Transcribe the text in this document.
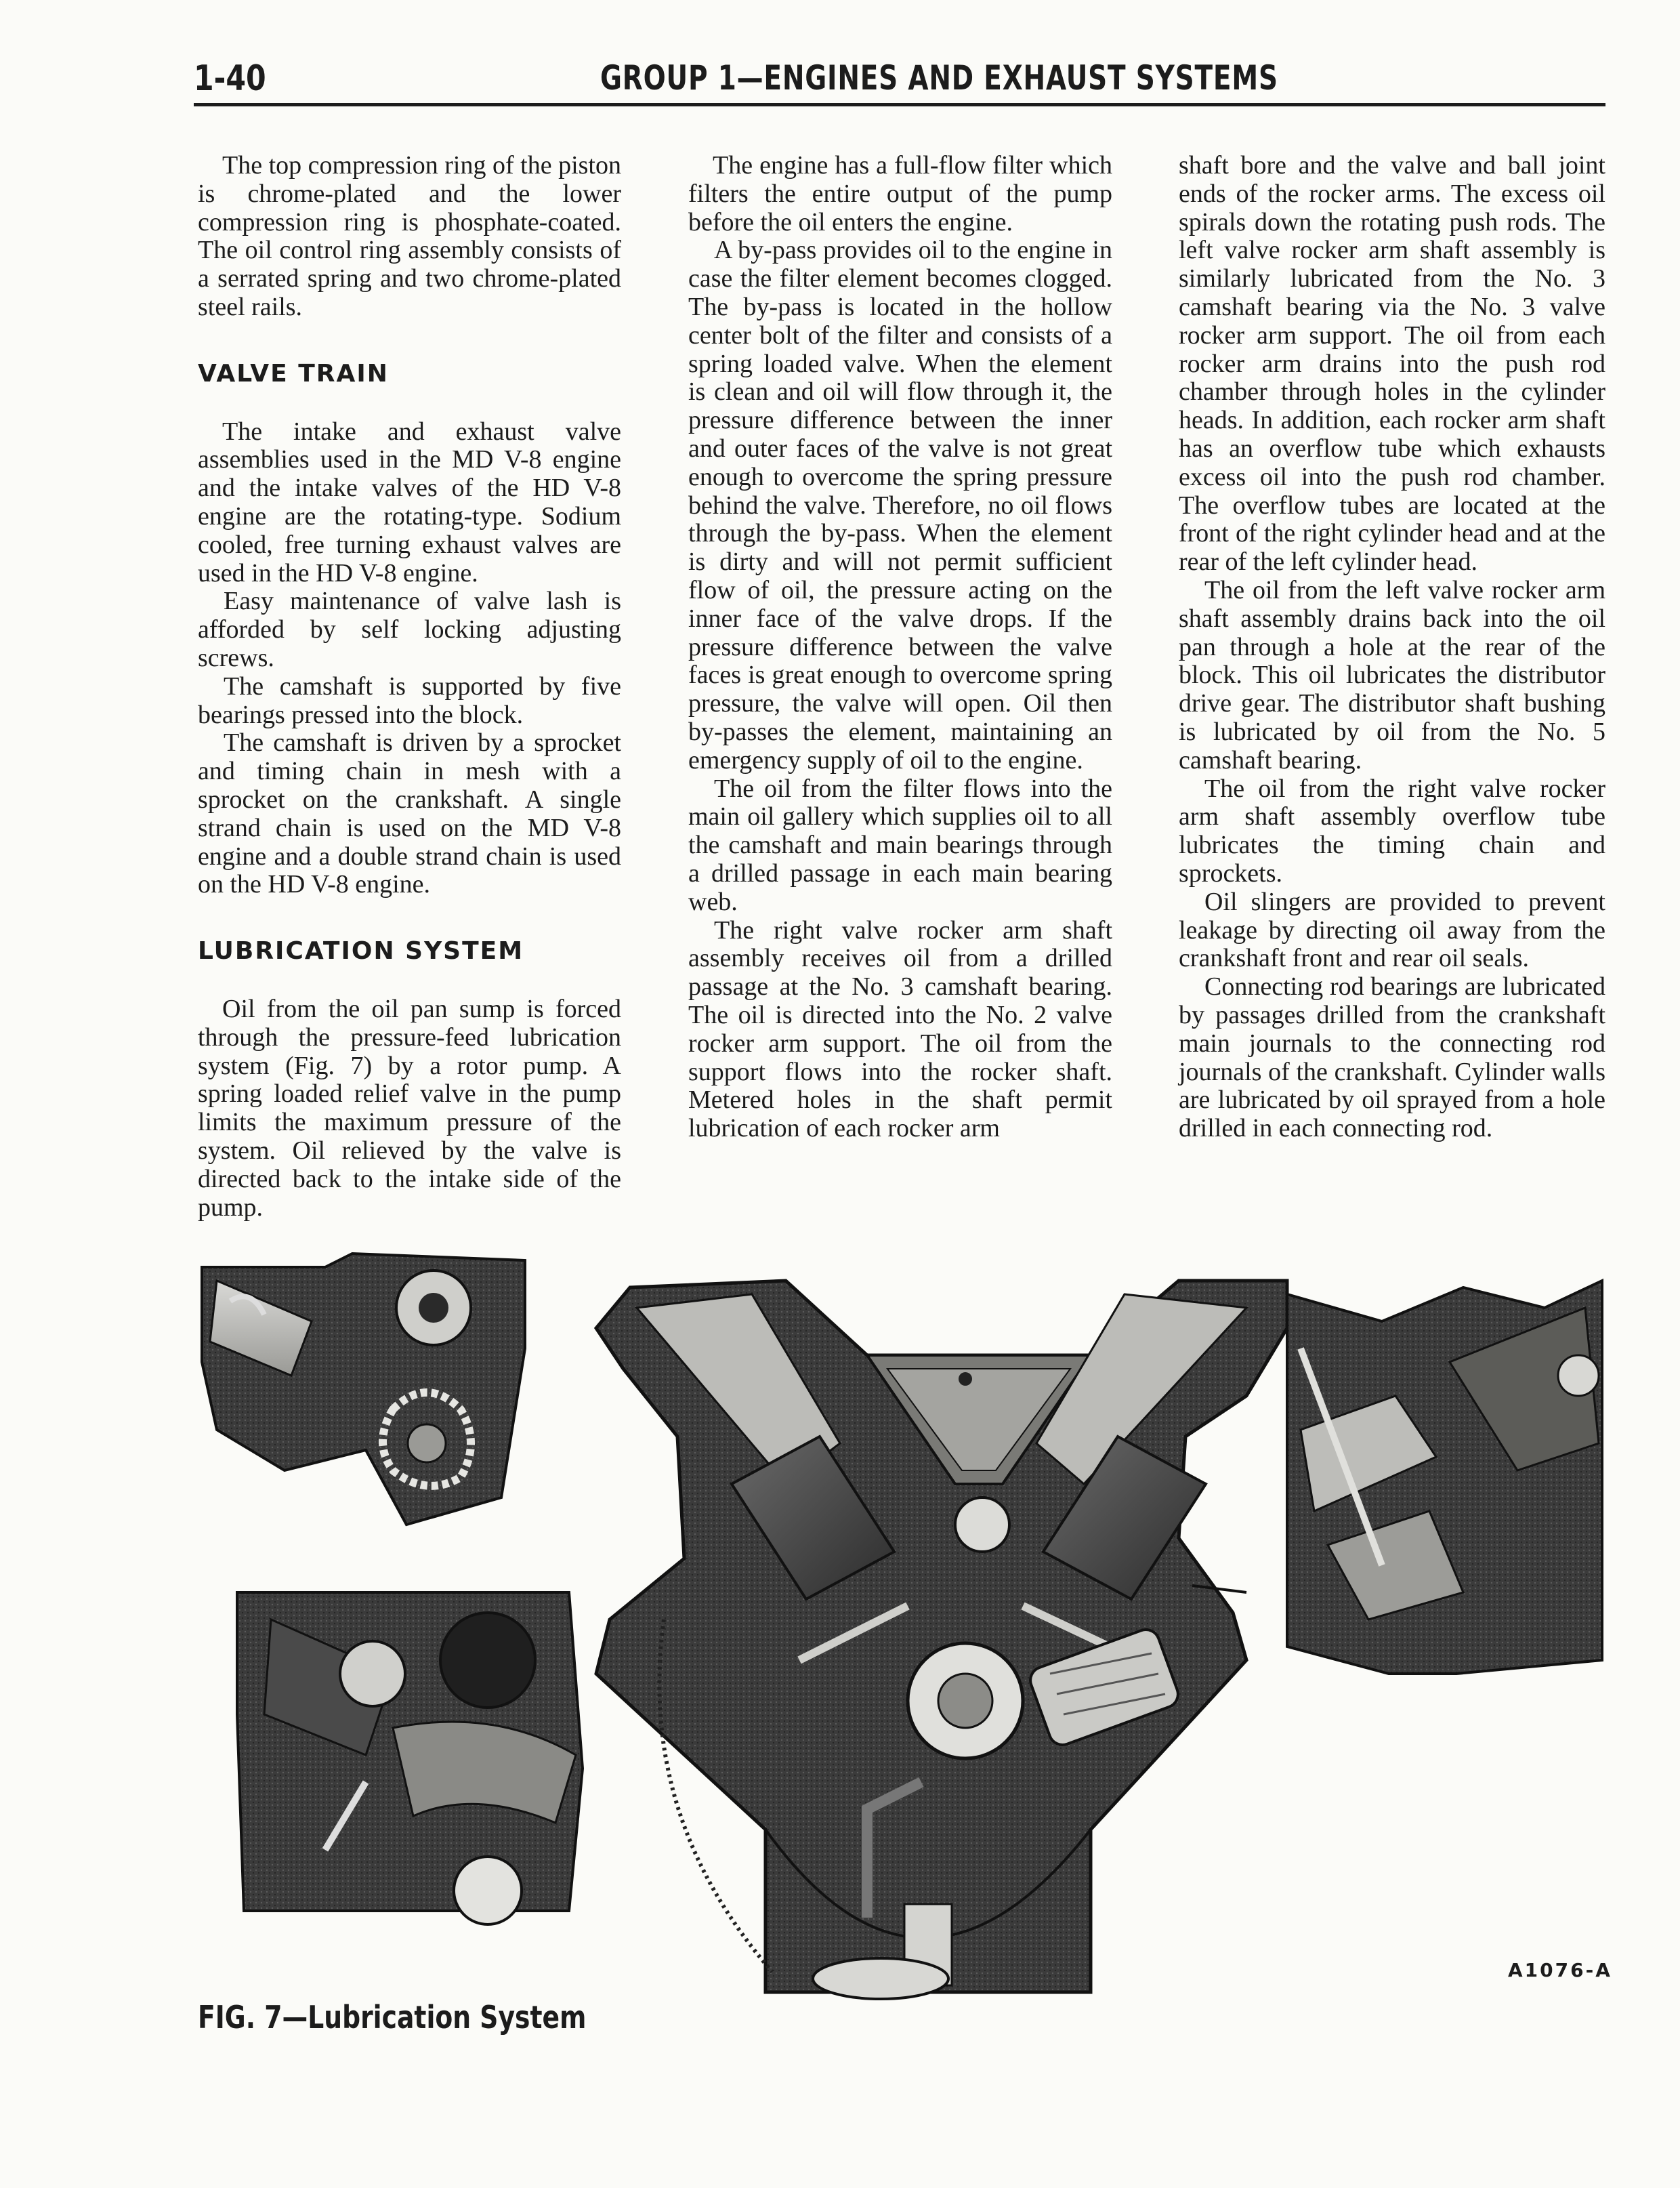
1-40	GROUP 1—ENGINES AND EXHAUST SYSTEMS

The top compression ring of the piston is chrome-plated and the lower compression ring is phosphate-coated. The oil control ring assembly consists of a serrated spring and two chrome-plated steel rails.

VALVE TRAIN

The intake and exhaust valve assemblies used in the MD V-8 engine and the intake valves of the HD V-8 engine are the rotating-type. Sodium cooled, free turning exhaust valves are used in the HD V-8 engine.

Easy maintenance of valve lash is afforded by self locking adjusting screws.

The camshaft is supported by five bearings pressed into the block.

The camshaft is driven by a sprocket and timing chain in mesh with a sprocket on the crankshaft. A single strand chain is used on the MD V-8 engine and a double strand chain is used on the HD V-8 engine.

LUBRICATION SYSTEM

Oil from the oil pan sump is forced through the pressure-feed lubrication system (Fig. 7) by a rotor pump. A spring loaded relief valve in the pump limits the maximum pressure of the system. Oil relieved by the valve is directed back to the intake side of the pump.

The engine has a full-flow filter which filters the entire output of the pump before the oil enters the engine.

A by-pass provides oil to the engine in case the filter element becomes clogged. The by-pass is located in the hollow center bolt of the filter and consists of a spring loaded valve. When the element is clean and oil will flow through it, the pressure difference between the inner and outer faces of the valve is not great enough to overcome the spring pressure behind the valve. Therefore, no oil flows through the by-pass. When the element is dirty and will not permit sufficient flow of oil, the pressure acting on the inner face of the valve drops. If the pressure difference between the valve faces is great enough to overcome spring pressure, the valve will open. Oil then by-passes the element, maintaining an emergency supply of oil to the engine.

The oil from the filter flows into the main oil gallery which supplies oil to all the camshaft and main bearings through a drilled passage in each main bearing web.

The right valve rocker arm shaft assembly receives oil from a drilled passage at the No. 3 camshaft bearing. The oil is directed into the No. 2 valve rocker arm support. The oil from the support flows into the rocker shaft. Metered holes in the shaft permit lubrication of each rocker arm

shaft bore and the valve and ball joint ends of the rocker arms. The excess oil spirals down the rotating push rods. The left valve rocker arm shaft assembly is similarly lubricated from the No. 3 camshaft bearing via the No. 3 valve rocker arm support. The oil from each rocker arm drains into the push rod chamber through holes in the cylinder heads. In addition, each rocker arm shaft has an overflow tube which exhausts excess oil into the push rod chamber. The overflow tubes are located at the front of the right cylinder head and at the rear of the left cylinder head.

The oil from the left valve rocker arm shaft assembly drains back into the oil pan through a hole at the rear of the block. This oil lubricates the distributor drive gear. The distributor shaft bushing is lubricated by oil from the No. 5 camshaft bearing.

The oil from the right valve rocker arm shaft assembly overflow tube lubricates the timing chain and sprockets.

Oil slingers are provided to prevent leakage by directing oil away from the crankshaft front and rear oil seals.

Connecting rod bearings are lubricated by passages drilled from the crankshaft main journals to the connecting rod journals of the crankshaft. Cylinder walls are lubricated by oil sprayed from a hole drilled in each connecting rod.

A1076-A
FIG. 7—Lubrication System
